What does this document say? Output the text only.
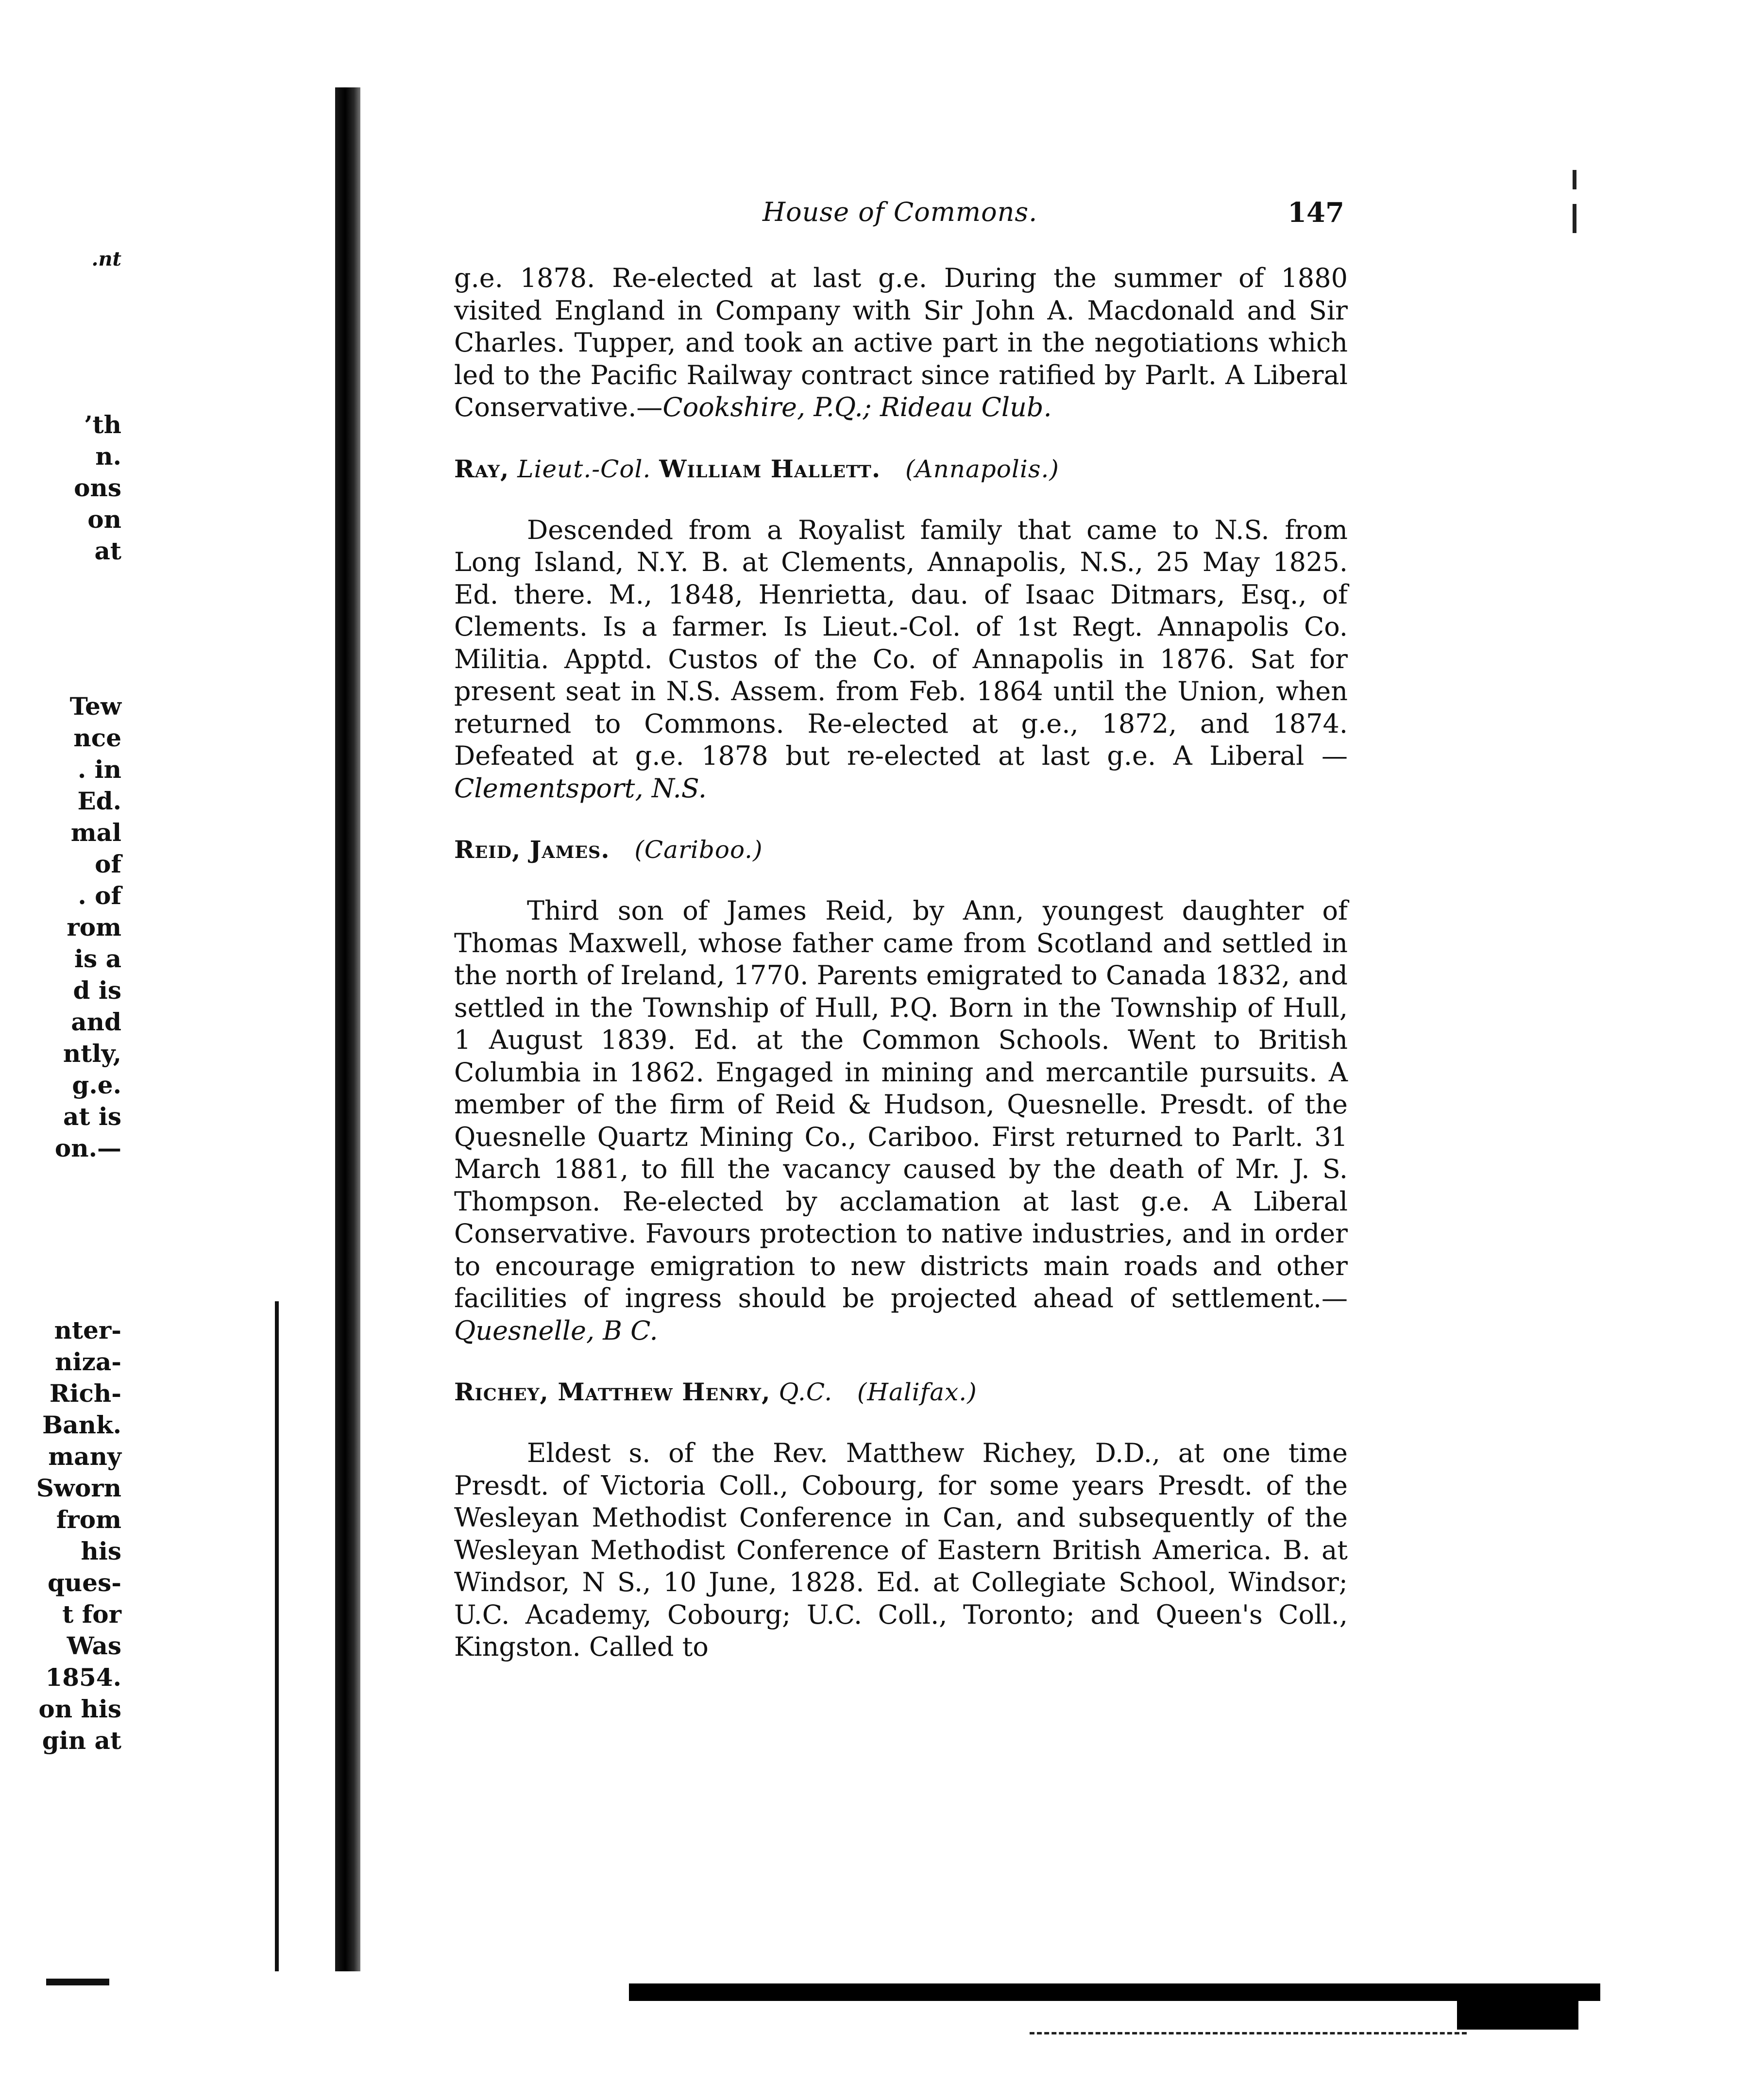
.nt
’th
n.
ons
on
at
Tew
nce
. in
Ed.
mal
of
. of
rom
is a
d is
and
ntly,
g.e.
at is
on.—
nter-
niza-
Rich-
Bank.
many
Sworn
from
his
ques-
t for
Was
1854.
on his
gin at
House of Commons.	147

g.e. 1878. Re-elected at last g.e. During the summer of 1880 visited England in Company with Sir John A. Macdonald and Sir Charles. Tupper, and took an active part in the negotiations which led to the Pacific Railway contract since ratified by Parlt. A Liberal Conservative.—Cookshire, P.Q.; Rideau Club.

Ray, Lieut.-Col. William Hallett. (Annapolis.)

Descended from a Royalist family that came to N.S. from Long Island, N.Y. B. at Clements, Annapolis, N.S., 25 May 1825. Ed. there. M., 1848, Henrietta, dau. of Isaac Ditmars, Esq., of Clements. Is a farmer. Is Lieut.-Col. of 1st Regt. Annapolis Co. Militia. Apptd. Custos of the Co. of Annapolis in 1876. Sat for present seat in N.S. Assem. from Feb. 1864 until the Union, when returned to Commons. Re-elected at g.e., 1872, and 1874. Defeated at g.e. 1878 but re-elected at last g.e. A Liberal —Clementsport, N.S.

Reid, James. (Cariboo.)

Third son of James Reid, by Ann, youngest daughter of Thomas Maxwell, whose father came from Scotland and settled in the north of Ireland, 1770. Parents emigrated to Canada 1832, and settled in the Township of Hull, P.Q. Born in the Township of Hull, 1 August 1839. Ed. at the Common Schools. Went to British Columbia in 1862. Engaged in mining and mercantile pursuits. A member of the firm of Reid & Hudson, Quesnelle. Presdt. of the Quesnelle Quartz Mining Co., Cariboo. First returned to Parlt. 31 March 1881, to fill the vacancy caused by the death of Mr. J. S. Thompson. Re-elected by acclamation at last g.e. A Liberal Conservative. Favours protection to native industries, and in order to encourage emigration to new districts main roads and other facilities of ingress should be projected ahead of settlement.—Quesnelle, B C.

Richey, Matthew Henry, Q.C. (Halifax.)

Eldest s. of the Rev. Matthew Richey, D.D., at one time Presdt. of Victoria Coll., Cobourg, for some years Presdt. of the Wesleyan Methodist Conference in Can, and subsequently of the Wesleyan Methodist Conference of Eastern British America. B. at Windsor, N S., 10 June, 1828. Ed. at Collegiate School, Windsor; U.C. Academy, Cobourg; U.C. Coll., Toronto; and Queen's Coll., Kingston. Called to
